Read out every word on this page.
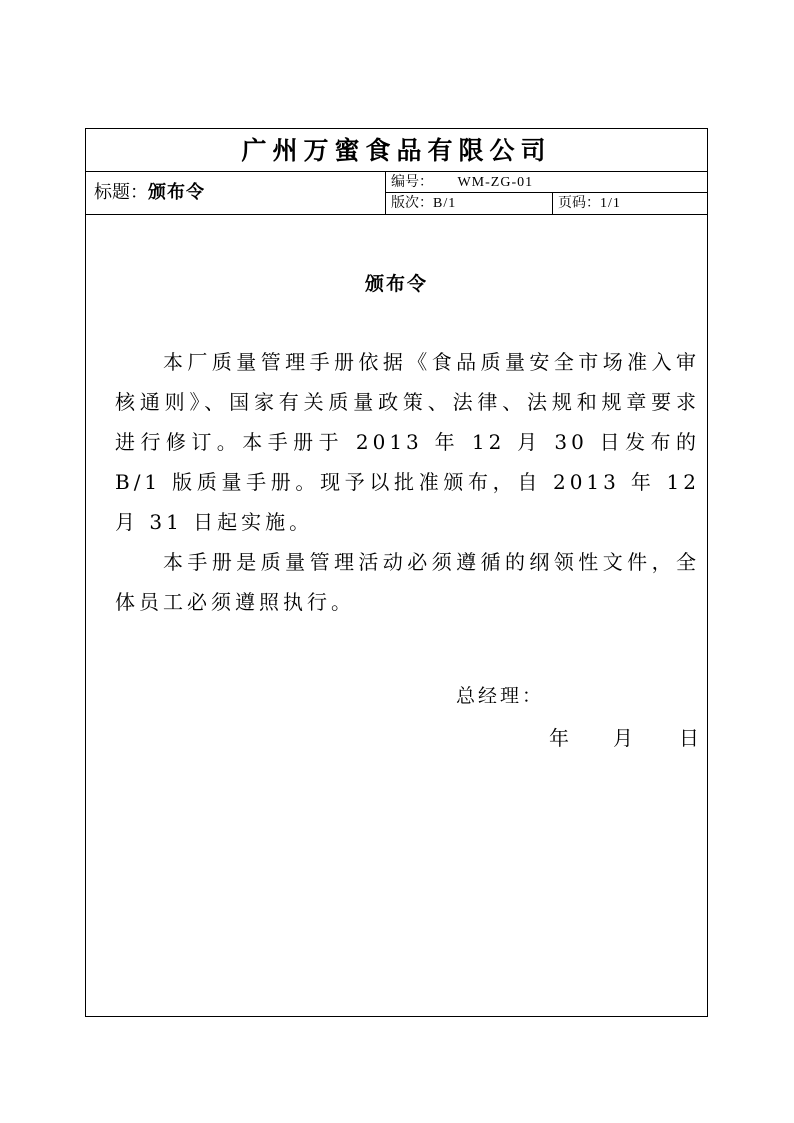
广州万蜜食品有限公司
标题：颁布令	编号： WM-ZG-01
版次：B/1	页码：1/1
颁布令

本厂质量管理手册依据《食品质量安全市场准入审核通则》、国家有关质量政策、法律、法规和规章要求进行修订。本手册于 2013 年 12 月 30 日发布的 B/1 版质量手册。现予以批准颁布，自 2013 年 12 月 31 日起实施。

本手册是质量管理活动必须遵循的纲领性文件，全体员工必须遵照执行。

总经理：
年 月 日
